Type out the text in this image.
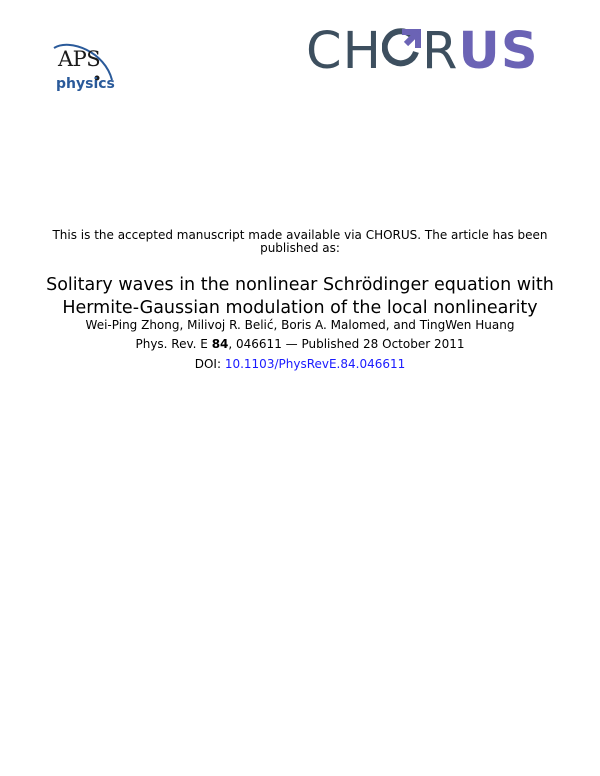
APS
physics
CH RUS
This is the accepted manuscript made available via CHORUS. The article has been published as:
Solitary waves in the nonlinear Schrödinger equation with Hermite-Gaussian modulation of the local nonlinearity
Wei-Ping Zhong, Milivoj R. Belić, Boris A. Malomed, and TingWen Huang
Phys. Rev. E 84, 046611 — Published 28 October 2011
DOI: 10.1103/PhysRevE.84.046611
